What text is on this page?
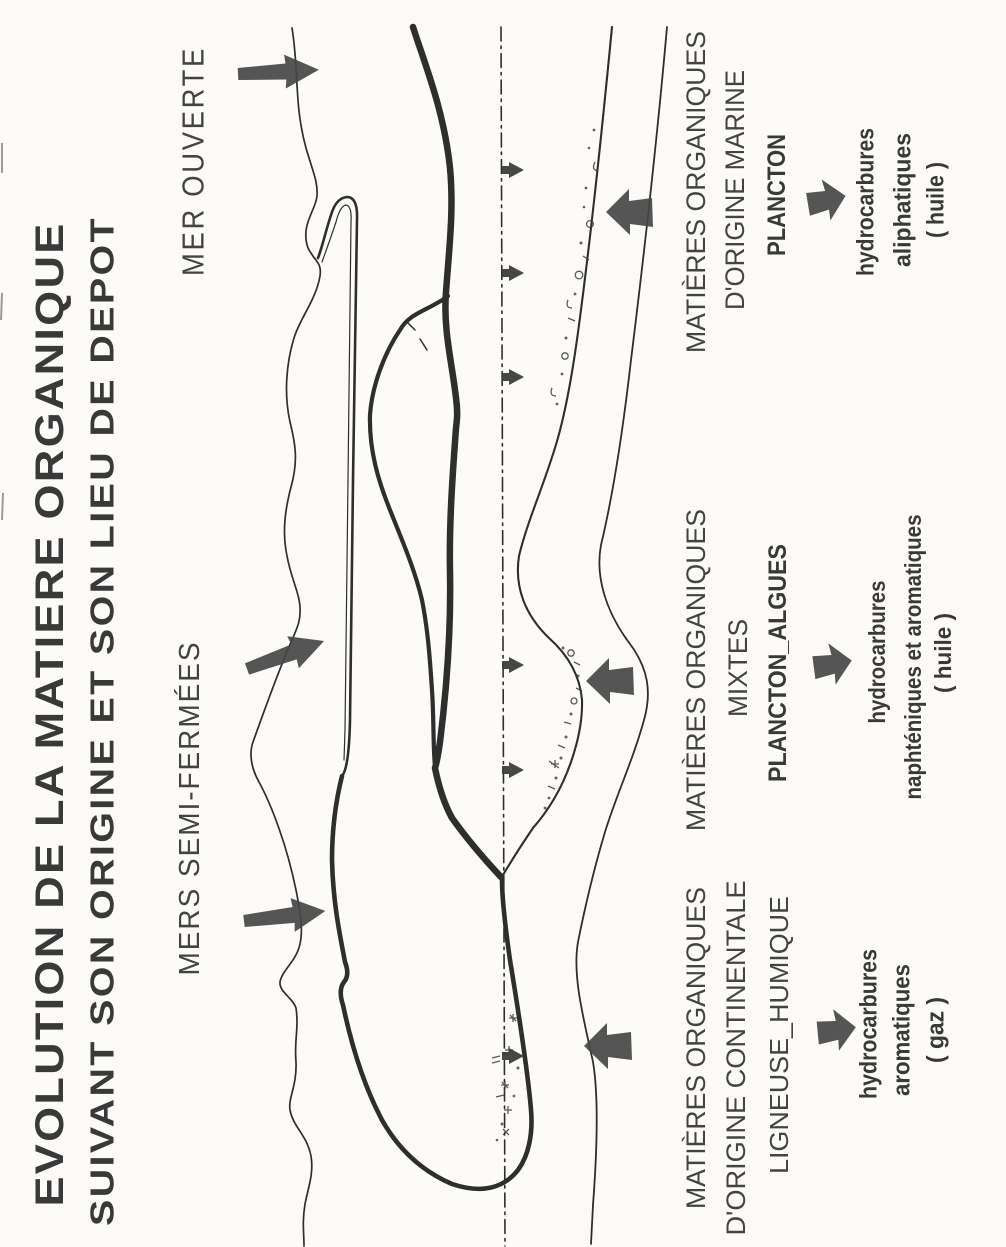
EVOLUTION DE LA MATIERE ORGANIQUE SUIVANT SON ORIGINE ET SON LIEU DE DEPOT
MER OUVERTE
MERS SEMI-FERMÉES
MATIÈRES ORGANIQUES D'ORIGINE MARINE PLANCTON	hydrocarbures aliphatiques ( huile )
MATIÈRES ORGANIQUES MIXTES PLANCTON_ALGUES	hydrocarbures naphténiques et aromatiques ( huile )
MATIÈRES ORGANIQUES D'ORIGINE CONTINENTALE LIGNEUSE_HUMIQUE	hydrocarbures aromatiques ( gaz )
